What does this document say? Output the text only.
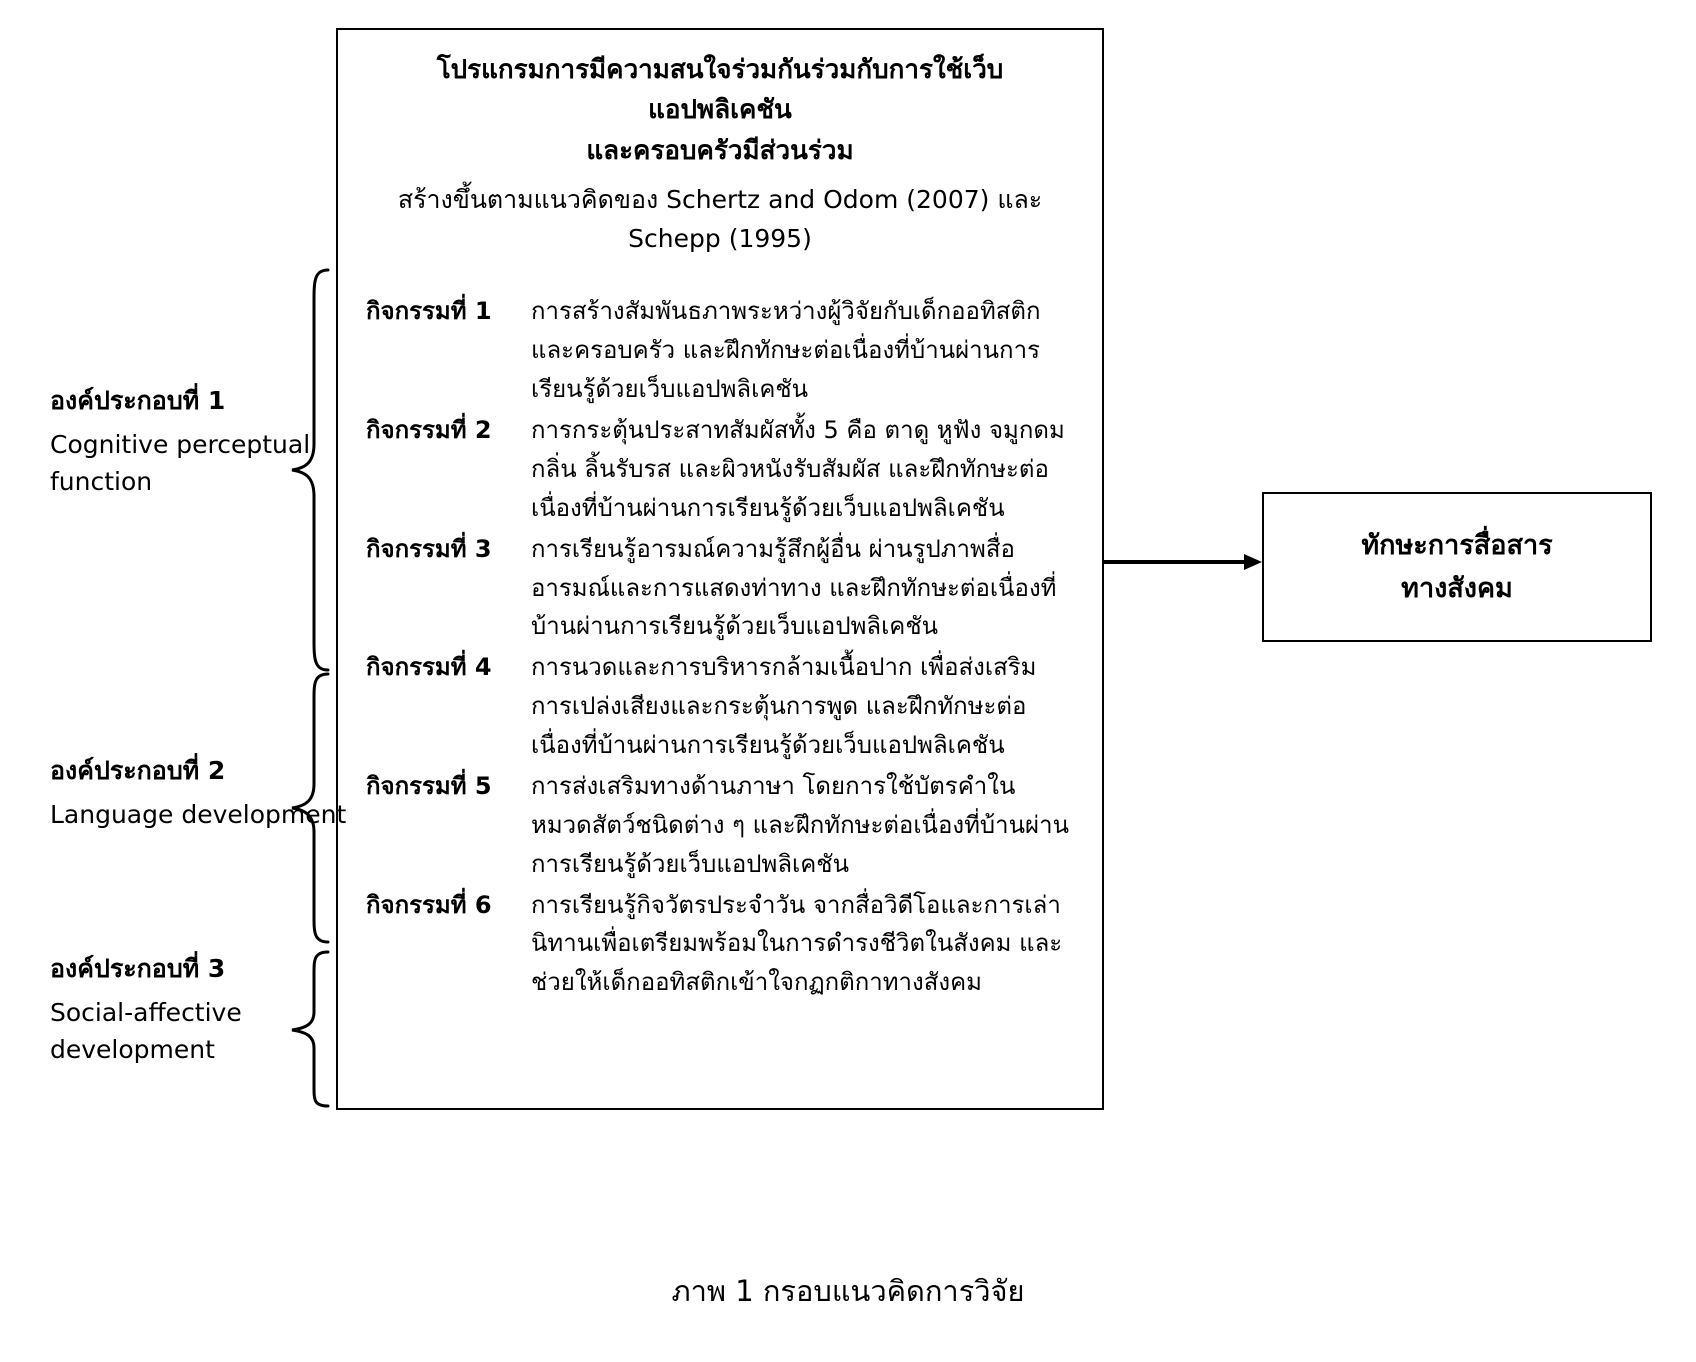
องค์ประกอบที่ 1
Cognitive perceptual function
องค์ประกอบที่ 2
Language development
องค์ประกอบที่ 3
Social-affective development
โปรแกรมการมีความสนใจร่วมกันร่วมกับการใช้เว็บแอปพลิเคชัน
และครอบครัวมีส่วนร่วม
สร้างขึ้นตามแนวคิดของ Schertz and Odom (2007) และ Schepp (1995)
กิจกรรมที่ 1	การสร้างสัมพันธภาพระหว่างผู้วิจัยกับเด็กออทิสติกและครอบครัว และฝึกทักษะต่อเนื่องที่บ้านผ่านการเรียนรู้ด้วยเว็บแอปพลิเคชัน
กิจกรรมที่ 2	การกระตุ้นประสาทสัมผัสทั้ง 5 คือ ตาดู หูฟัง จมูกดมกลิ่น ลิ้นรับรส และผิวหนังรับสัมผัส และฝึกทักษะต่อเนื่องที่บ้านผ่านการเรียนรู้ด้วยเว็บแอปพลิเคชัน
กิจกรรมที่ 3	การเรียนรู้อารมณ์ความรู้สึกผู้อื่น ผ่านรูปภาพสื่ออารมณ์และการแสดงท่าทาง และฝึกทักษะต่อเนื่องที่บ้านผ่านการเรียนรู้ด้วยเว็บแอปพลิเคชัน
กิจกรรมที่ 4	การนวดและการบริหารกล้ามเนื้อปาก เพื่อส่งเสริมการเปล่งเสียงและกระตุ้นการพูด และฝึกทักษะต่อเนื่องที่บ้านผ่านการเรียนรู้ด้วยเว็บแอปพลิเคชัน
กิจกรรมที่ 5	การส่งเสริมทางด้านภาษา โดยการใช้บัตรคำในหมวดสัตว์ชนิดต่าง ๆ และฝึกทักษะต่อเนื่องที่บ้านผ่านการเรียนรู้ด้วยเว็บแอปพลิเคชัน
กิจกรรมที่ 6	การเรียนรู้กิจวัตรประจำวัน จากสื่อวิดีโอและการเล่านิทานเพื่อเตรียมพร้อมในการดำรงชีวิตในสังคม และช่วยให้เด็กออทิสติกเข้าใจกฏกติกาทางสังคม
ทักษะการสื่อสาร
ทางสังคม
ภาพ 1 กรอบแนวคิดการวิจัย
